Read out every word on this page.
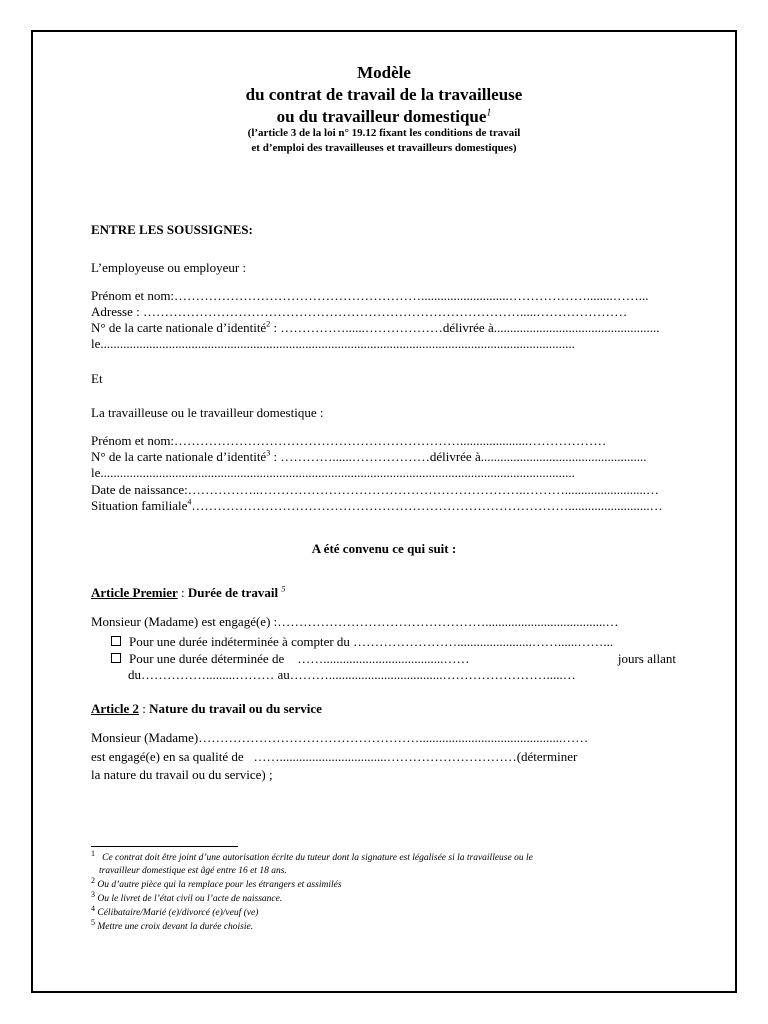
Modèle
du contrat de travail de la travailleuse
ou du travailleur domestique$^1$
(l’article 3 de la loi n° 19.12 fixant les conditions de travail
et d’emploi des travailleuses et travailleurs domestiques)
ENTRE LES SOUSSIGNES:
L’employeuse ou employeur :
Prénom et nom:…………………………………………………...........................………………........……...
Adresse : …………………………………………………………………………….....…………………
N° de la carte nationale d’identité$^2$ : ……………......………………délivrée à...................................................
le..................................................................................................................................................
Et
La travailleuse ou le travailleur domestique :
Prénom et nom:………………………………………………………….....................………………
N° de la carte nationale d’identité$^3$ : …………......………………délivrée à...................................................
le..................................................................................................................................................
Date de naissance:……………..……………………………………………………..……….........................…
Situation familiale$^4$…………………………………………………………………………….........................…
A été convenu ce qui suit :
Article Premier : Durée de travail $^5$
Monsieur (Madame) est engagé(e) :………………………………………….....................................…
Pour une durée indéterminée à compter du …………………….......................……......……...
Pour une durée déterminée de    …….....................................……	jours allant
du…………….........……… au………...................................…………………….....…
Article 2 : Nature du travail ou du service
Monsieur (Madame)……………………………………………............................................……
est engagé(e) en sa qualité de   …….................................…………………………(déterminer
la nature du travail ou du service) ;
$^1$ Ce contrat doit être joint d’une autorisation écrite du tuteur dont la signature est légalisée si la travailleuse ou le
travailleur domestique est âgé entre 16 et 18 ans.
$^2$ Ou d’autre pièce qui la remplace pour les étrangers et assimilés
$^3$ Ou le livret de l’état civil ou l’acte de naissance.
$^4$ Célibataire/Marié (e)/divorcé (e)/veuf (ve)
$^5$ Mettre une croix devant la durée choisie.
